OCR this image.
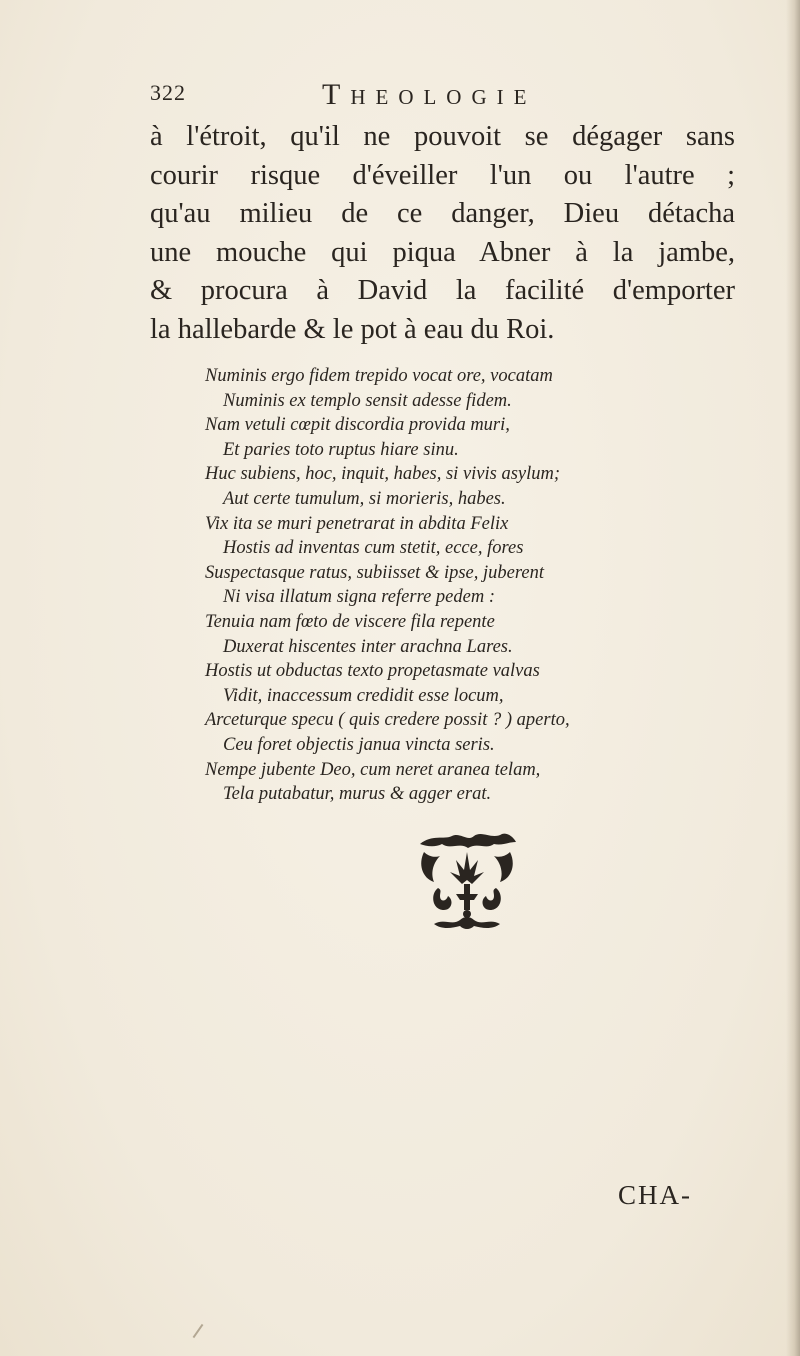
322	Theologie
à l'étroit, qu'il ne pouvoit se dégager sans
courir risque d'éveiller l'un ou l'autre ;
qu'au milieu de ce danger, Dieu détacha
une mouche qui piqua Abner à la jambe,
& procura à David la facilité d'emporter
la hallebarde & le pot à eau du Roi.
Numinis ergo fidem trepido vocat ore, vocatam
Numinis ex templo sensit adesse fidem.
Nam vetuli cœpit discordia provida muri,
Et paries toto ruptus hiare sinu.
Huc subiens, hoc, inquit, habes, si vivis asylum;
Aut certe tumulum, si morieris, habes.
Vix ita se muri penetrarat in abdita Felix
Hostis ad inventas cum stetit, ecce, fores
Suspectasque ratus, subiisset & ipse, juberent
Ni visa illatum signa referre pedem :
Tenuia nam fœto de viscere fila repente
Duxerat hiscentes inter arachna Lares.
Hostis ut obductas texto propetasmate valvas
Vidit, inaccessum credidit esse locum,
Arceturque specu ( quis credere possit ? ) aperto,
Ceu foret objectis janua vincta seris.
Nempe jubente Deo, cum neret aranea telam,
Tela putabatur, murus & agger erat.
CHA-
